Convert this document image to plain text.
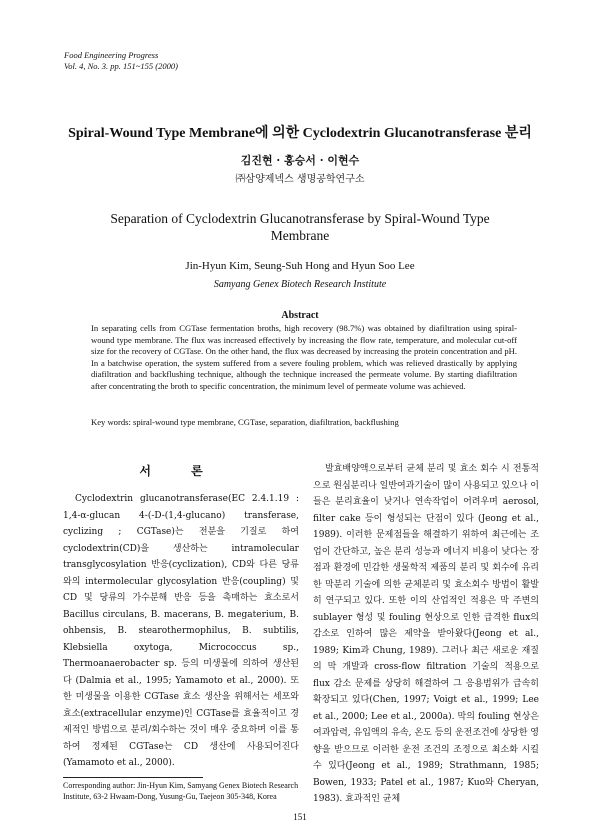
Food Engineering Progress
Vol. 4, No. 3. pp. 151~155 (2000)
Spiral-Wound Type Membrane에 의한 Cyclodextrin Glucanotransferase 분리
김진현 · 홍승서 · 이현수
㈜삼양제넥스 생명공학연구소
Separation of Cyclodextrin Glucanotransferase by Spiral-Wound Type Membrane
Jin-Hyun Kim, Seung-Suh Hong and Hyun Soo Lee
Samyang Genex Biotech Research Institute
Abstract
In separating cells from CGTase fermentation broths, high recovery (98.7%) was obtained by diafiltration using spiral-wound type membrane. The flux was increased effectively by increasing the flow rate, temperature, and molecular cut-off size for the recovery of CGTase. On the other hand, the flux was decreased by increasing the protein concentration and pH. In a batchwise operation, the system suffered from a severe fouling problem, which was relieved drastically by applying diafiltration and backflushing technique, although the technique increased the permeate volume. By starting diafiltration after concentrating the broth to specific concentration, the minimum level of permeate volume was achieved.
Key words: spiral-wound type membrane, CGTase, separation, diafiltration, backflushing
서 론

Cyclodextrin glucanotransferase(EC 2.4.1.19 : 1,4-α-glucan 4-(-D-(1,4-glucano) transferase, cyclizing ; CGTase)는 전분을 기질로 하여 cyclodextrin(CD)을 생산하는 intramolecular transglycosylation 반응(cyclization), CD와 다른 당류와의 intermolecular glycosylation 반응(coupling) 및 CD 및 당류의 가수분해 반응 등을 촉매하는 효소로서 Bacillus circulans, B. macerans, B. megaterium, B. ohbensis, B. stearothermophilus, B. subtilis, Klebsiella oxytoga, Micrococcus sp., Thermoanaerobacter sp. 등의 미생물에 의하여 생산된다 (Dalmia et al., 1995; Yamamoto et al., 2000). 또한 미생물을 이용한 CGTase 효소 생산을 위해서는 세포와 효소(extracellular enzyme)인 CGTase를 효율적이고 경제적인 방법으로 분리/회수하는 것이 매우 중요하며 이를 통하여 정제된 CGTase는 CD 생산에 사용되어진다(Yamamoto et al., 2000).

발효배양액으로부터 균체 분리 및 효소 회수 시 전통적으로 원심분리나 일반여과기술이 많이 사용되고 있으나 이들은 분리효율이 낮거나 연속작업이 어려우며 aerosol, filter cake 등이 형성되는 단점이 있다 (Jeong et al., 1989). 이러한 문제점들을 해결하기 위하여 최근에는 조업이 간단하고, 높은 분리 성능과 에너지 비용이 낮다는 장점과 환경에 민감한 생물학적 제품의 분리 및 회수에 유리한 막분리 기술에 의한 균체분리 및 효소회수 방법이 활발히 연구되고 있다. 또한 이의 산업적인 적용은 막 주변의 sublayer 형성 및 fouling 현상으로 인한 급격한 flux의 감소로 인하여 많은 제약을 받아왔다(Jeong et al., 1989; Kim과 Chung, 1989). 그러나 최근 새로운 재질의 막 개발과 cross-flow filtration 기술의 적용으로 flux 감소 문제를 상당히 해결하여 그 응용범위가 급속히 확장되고 있다(Chen, 1997; Voigt et al., 1999; Lee et al., 2000; Lee et al., 2000a). 막의 fouling 현상은 여과압력, 유입액의 유속, 온도 등의 운전조건에 상당한 영향을 받으므로 이러한 운전 조건의 조정으로 최소화 시킬 수 있다(Jeong et al., 1989; Strathmann, 1985; Bowen, 1933; Patel et al., 1987; Kuo와 Cheryan, 1983). 효과적인 균체

Corresponding author: Jin-Hyun Kim, Samyang Genex Biotech Research Institute, 63-2 Hwaam-Dong, Yusung-Gu, Taejeon 305-348, Korea
151
